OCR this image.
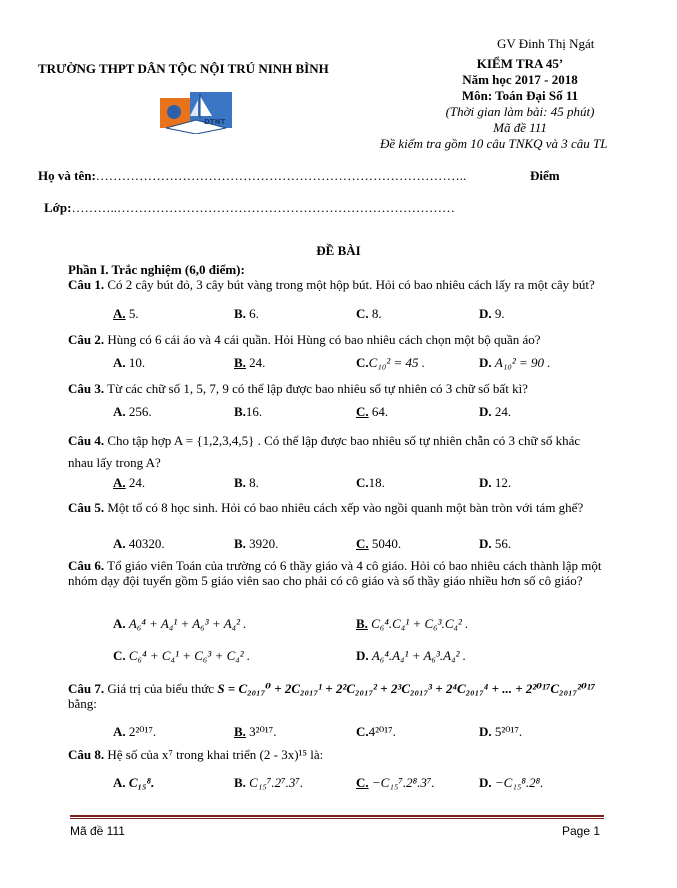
GV Đinh Thị Ngát
TRƯỜNG THPT DÂN TỘC NỘI TRÚ NINH BÌNH	KIỂM TRA 45’
Năm học 2017 - 2018
Môn: Toán Đại Số 11
(Thời gian làm bài: 45 phút)
Mã đề 111
Đề kiểm tra gồm 10 câu TNKQ và 3 câu TL
DTNT
Họ và tên:…………………………………………………………………………..	Điểm
Lớp:………..……………………………………………………………………
ĐỀ BÀI
Phần I. Trắc nghiệm (6,0 điểm):
Câu 1. Có 2 cây bút đỏ, 3 cây bút vàng trong một hộp bút. Hỏi có bao nhiêu cách lấy ra một cây bút?
A. 5.	B. 6.	C. 8.	D. 9.
Câu 2. Hùng có 6 cái áo và 4 cái quần. Hỏi Hùng có bao nhiêu cách chọn một bộ quần áo?
A. 10.	B. 24.	C.C₁₀² = 45 .	D. A₁₀² = 90 .
Câu 3. Từ các chữ số 1, 5, 7, 9 có thể lập được bao nhiêu số tự nhiên có 3 chữ số bất kì?
A. 256.	B.16.	C. 64.	D. 24.
Câu 4. Cho tập hợp A = {1,2,3,4,5} . Có thể lập được bao nhiêu số tự nhiên chẵn có 3 chữ số khác nhau lấy trong A?
A. 24.	B. 8.	C.18.	D. 12.
Câu 5. Một tổ có 8 học sinh. Hỏi có bao nhiêu cách xếp vào ngồi quanh một bàn tròn với tám ghế?
A. 40320.	B. 3920.	C. 5040.	D. 56.
Câu 6. Tổ giáo viên Toán của trường có 6 thầy giáo và 4 cô giáo. Hỏi có bao nhiêu cách thành lập một nhóm dạy đội tuyển gồm 5 giáo viên sao cho phải có cô giáo và số thầy giáo nhiều hơn số cô giáo?
A. A₆⁴ + A₄¹ + A₆³ + A₄² .	B. C₆⁴.C₄¹ + C₆³.C₄² .
C. C₆⁴ + C₄¹ + C₆³ + C₄² .	D. A₆⁴.A₄¹ + A₆³.A₄² .
Câu 7. Giá trị của biểu thức S = C₂₀₁₇⁰ + 2C₂₀₁₇¹ + 2²C₂₀₁₇² + 2³C₂₀₁₇³ + 2⁴C₂₀₁₇⁴ + ... + 2²⁰¹⁷C₂₀₁₇²⁰¹⁷ bằng:
A. 2²⁰¹⁷.	B. 3²⁰¹⁷.	C.4²⁰¹⁷.	D. 5²⁰¹⁷.
Câu 8. Hệ số của x⁷ trong khai triển (2 - 3x)¹⁵ là:
A. C₁₅⁸.	B. C₁₅⁷.2⁷.3⁷.	C. −C₁₅⁷.2⁸.3⁷.	D. −C₁₅⁸.2⁸.
Mã đề 111	Page 1
